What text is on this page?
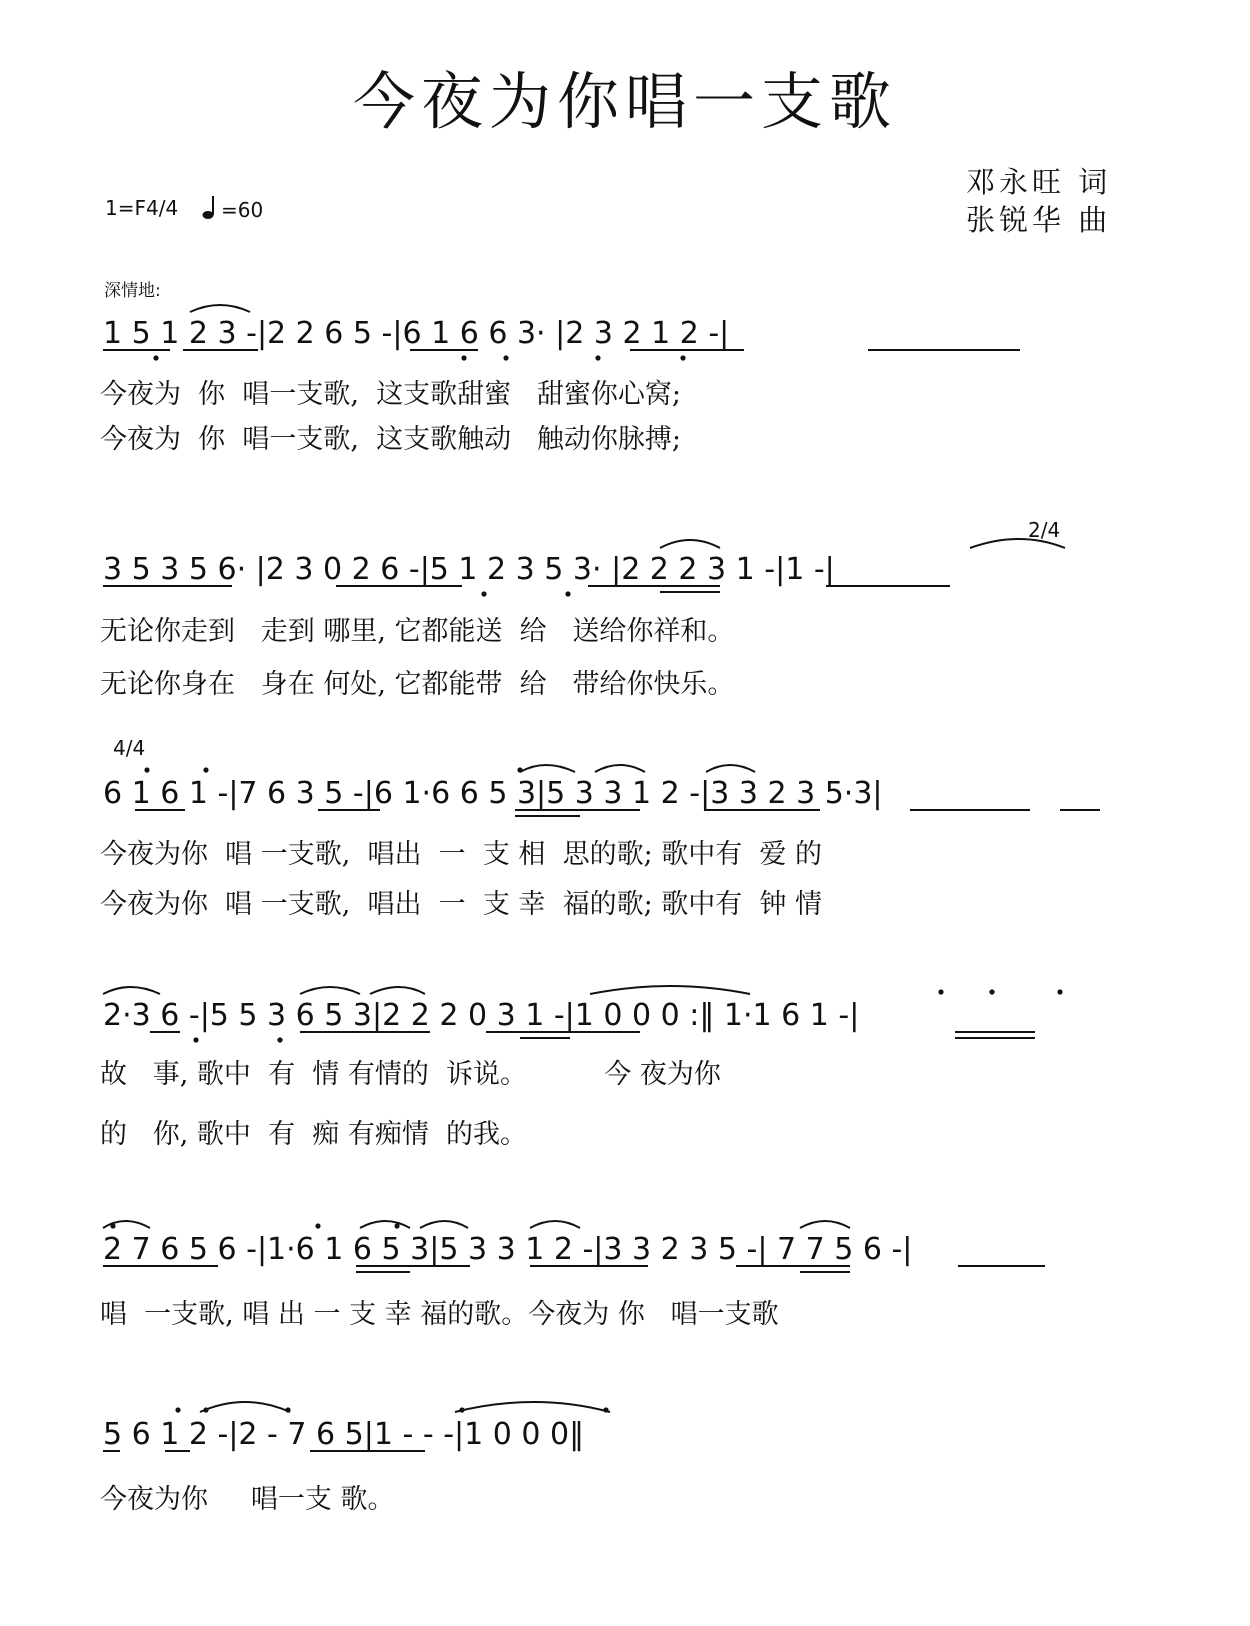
今夜为你唱一支歌
邓永旺 词
张锐华 曲
1=F4/4 =60
深情地:
1 5 1 2 3 -|2 2 6 5 -|6 1 6 6 3· |2 3 2 1 2 -|
今夜为  你  唱一支歌,  这支歌甜蜜   甜蜜你心窝;
今夜为  你  唱一支歌,  这支歌触动   触动你脉搏;
2/4
3 5 3 5 6· |2 3 0 2 6 -|5 1 2 3 5 3· |2 2 2 3 1 -|1 -|
无论你走到   走到 哪里, 它都能送  给   送给你祥和。
无论你身在   身在 何处, 它都能带  给   带给你快乐。
4/4
6 1 6 1 -|7 6 3 5 -|6 1·6 6 5 3|5 3 3 1 2 -|3 3 2 3 5·3|
今夜为你  唱 一支歌,  唱出  一  支 相  思的歌; 歌中有  爱 的
今夜为你  唱 一支歌,  唱出  一  支 幸  福的歌; 歌中有  钟 情
2·3 6 -|5 5 3 6 5 3|2 2 2 0 3 1 -|1 0 0 0 :‖ 1·1 6 1 -|
故   事, 歌中  有  情 有情的  诉说。         今 夜为你
的   你, 歌中  有  痴 有痴情  的我。
2 7 6 5 6 -|1·6 1 6 5 3|5 3 3 1 2 -|3 3 2 3 5 -| 7 7 5 6 -|
唱  一支歌, 唱 出 一 支 幸 福的歌。今夜为 你   唱一支歌
5 6 1 2 -|2 - 7 6 5|1 - - -|1 0 0 0‖
今夜为你     唱一支 歌。
